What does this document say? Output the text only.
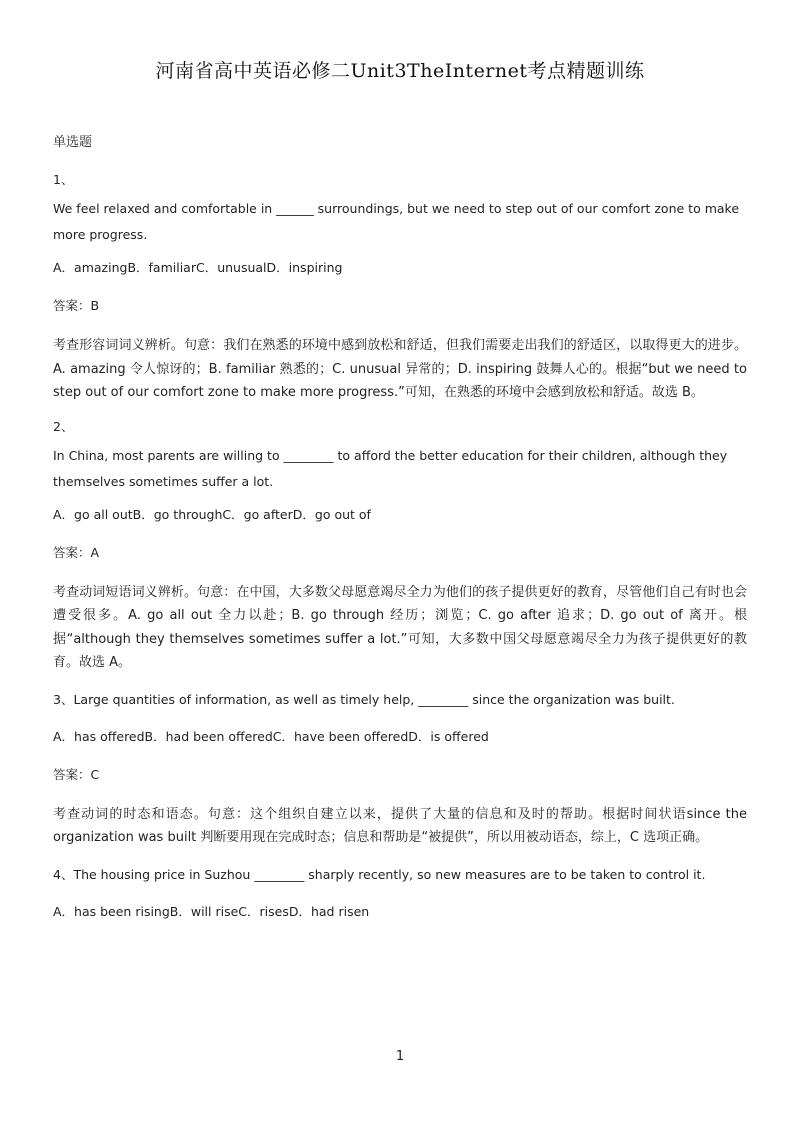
河南省高中英语必修二Unit3TheInternet考点精题训练
单选题
1、
We feel relaxed and comfortable in ______ surroundings, but we need to step out of our comfort zone to make more progress.
A．amazingB．familiarC．unusualD．inspiring
答案：B
考查形容词词义辨析。句意：我们在熟悉的环境中感到放松和舒适，但我们需要走出我们的舒适区，以取得更大的进步。A. amazing 令人惊讶的；B. familiar 熟悉的；C. unusual 异常的；D. inspiring 鼓舞人心的。根据“but we need to step out of our comfort zone to make more progress.”可知，在熟悉的环境中会感到放松和舒适。故选 B。
2、
In China, most parents are willing to ________ to afford the better education for their children, although they themselves sometimes suffer a lot.
A．go all outB．go throughC．go afterD．go out of
答案：A
考查动词短语词义辨析。句意：在中国，大多数父母愿意竭尽全力为他们的孩子提供更好的教育，尽管他们自己有时也会遭受很多。A. go all out 全力以赴；B. go through 经历；浏览；C. go after 追求；D. go out of 离开。根据“although they themselves sometimes suffer a lot.”可知，大多数中国父母愿意竭尽全力为孩子提供更好的教育。故选 A。
3、Large quantities of information, as well as timely help, ________ since the organization was built.
A．has offeredB．had been offeredC．have been offeredD．is offered
答案：C
考查动词的时态和语态。句意：这个组织自建立以来，提供了大量的信息和及时的帮助。根据时间状语since the organization was built 判断要用现在完成时态；信息和帮助是“被提供”，所以用被动语态，综上，C 选项正确。
4、The housing price in Suzhou ________ sharply recently, so new measures are to be taken to control it.
A．has been risingB．will riseC．risesD．had risen
1
